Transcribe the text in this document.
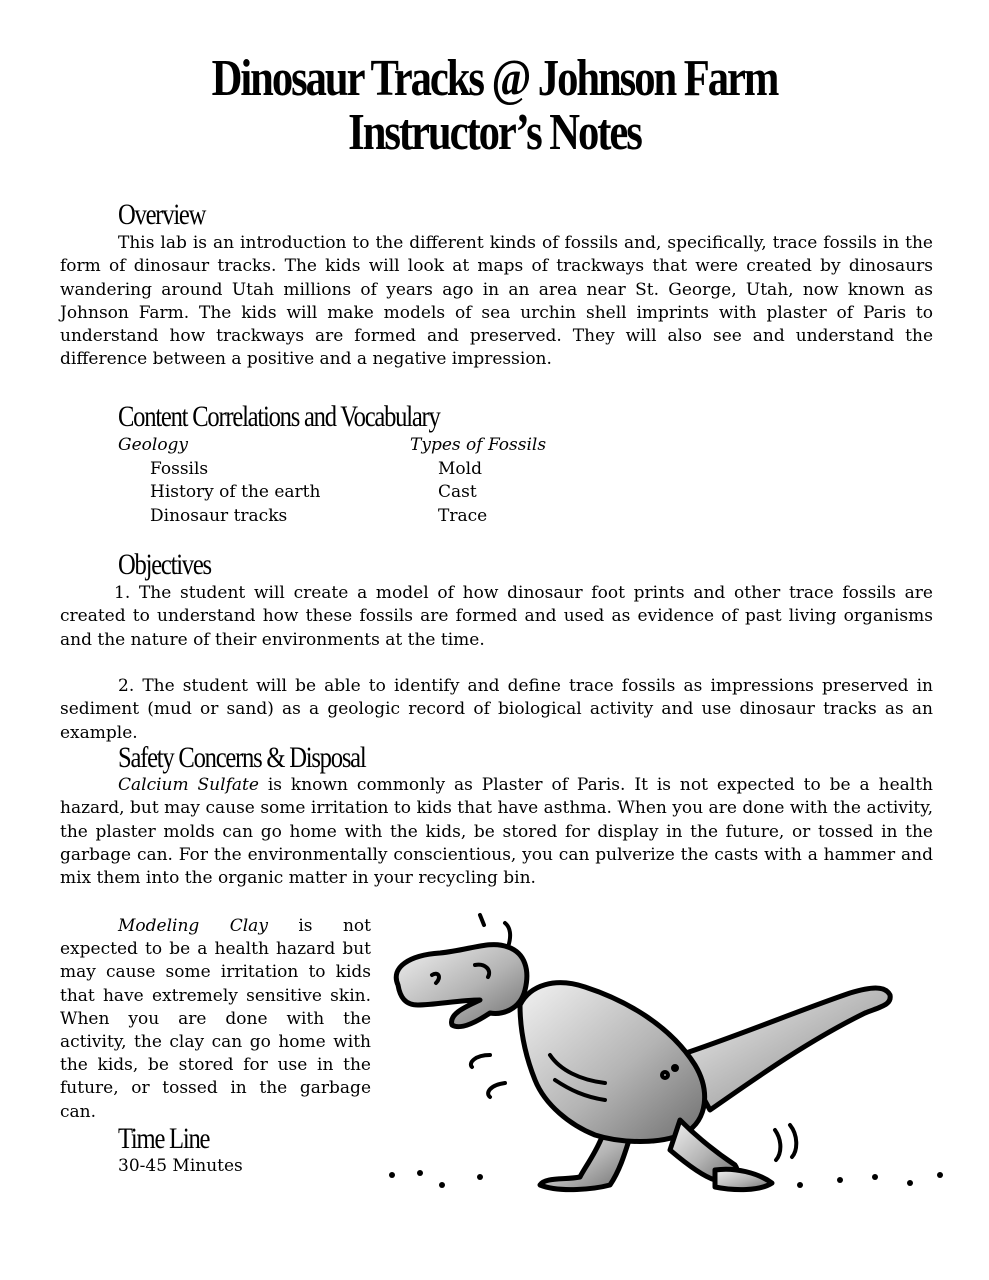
Dinosaur Tracks @ Johnson Farm
Instructor’s Notes
Overview

This lab is an introduction to the different kinds of fossils and, specifically, trace fossils in the form of dinosaur tracks. The kids will look at maps of trackways that were created by dinosaurs wandering around Utah millions of years ago in an area near St. George, Utah, now known as Johnson Farm. The kids will make models of sea urchin shell imprints with plaster of Paris to understand how trackways are formed and preserved. They will also see and understand the difference between a positive and a negative impression.

Content Correlations and Vocabulary
Geology
Fossils
History of the earth
Dinosaur tracks
Types of Fossils
Mold
Cast
Trace
Objectives

1. The student will create a model of how dinosaur foot prints and other trace fossils are created to understand how these fossils are formed and used as evidence of past living organisms and the nature of their environments at the time.

2. The student will be able to identify and define trace fossils as impressions preserved in sediment (mud or sand) as a geologic record of biological activity and use dinosaur tracks as an example.

Safety Concerns & Disposal

Calcium Sulfate is known commonly as Plaster of Paris. It is not expected to be a health hazard, but may cause some irritation to kids that have asthma. When you are done with the activity, the plaster molds can go home with the kids, be stored for display in the future, or tossed in the garbage can. For the environmentally conscientious, you can pulverize the casts with a hammer and mix them into the organic matter in your recycling bin.

Modeling Clay is not expected to be a health hazard but may cause some irritation to kids that have extremely sensitive skin. When you are done with the activity, the clay can go home with the kids, be stored for use in the future, or tossed in the garbage can.

Time Line
30-45 Minutes
